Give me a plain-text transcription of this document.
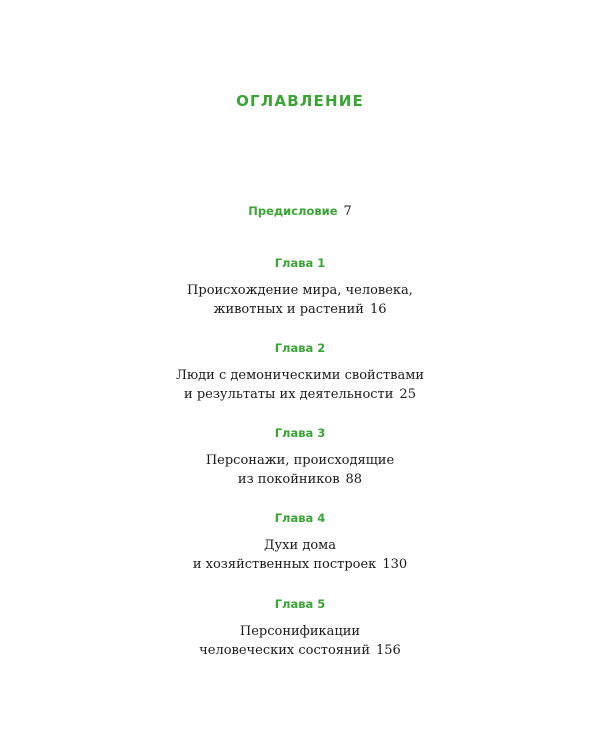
ОГЛАВЛЕНИЕ
Предисловие 7
Глава 1
Происхождение мира, человека,
животных и растений 16
Глава 2
Люди с демоническими свойствами
и результаты их деятельности 25
Глава 3
Персонажи, происходящие
из покойников 88
Глава 4
Духи дома
и хозяйственных построек 130
Глава 5
Персонификации
человеческих состояний 156
